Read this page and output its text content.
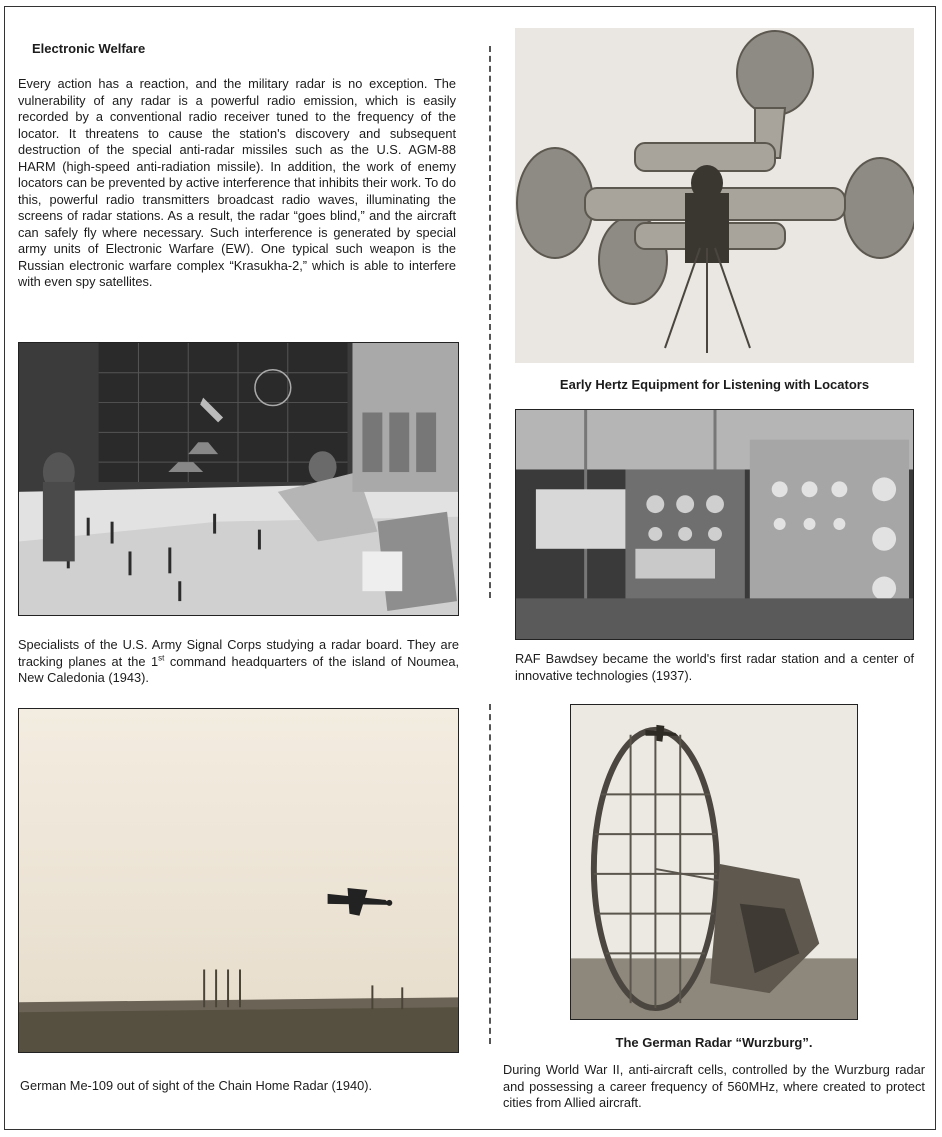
Electronic Welfare

Every action has a reaction, and the military radar is no exception. The vulnerability of any radar is a powerful radio emission, which is easily recorded by a conventional radio receiver tuned to the frequency of the locator. It threatens to cause the station's discovery and subsequent destruction of the special anti-radar missiles such as the U.S. AGM-88 HARM (high-speed anti-radiation missile). In addition, the work of enemy locators can be prevented by active interference that inhibits their work. To do this, powerful radio transmitters broadcast radio waves, illuminating the screens of radar stations. As a result, the radar “goes blind,” and the aircraft can safely fly where necessary. Such interference is generated by special army units of Electronic Warfare (EW). One typical such weapon is the Russian electronic warfare complex “Krasukha-2,” which is able to interfere with even spy satellites.

Specialists of the U.S. Army Signal Corps studying a radar board. They are tracking planes at the 1st command headquarters of the island of Noumea, New Caledonia (1943).

German Me-109 out of sight of the Chain Home Radar (1940).

Early Hertz Equipment for Listening with Locators

RAF Bawdsey became the world's first radar station and a center of innovative technologies (1937).

The German Radar “Wurzburg”.

During World War II, anti-aircraft cells, controlled by the Wurzburg radar and possessing a career frequency of 560MHz, where created to protect cities from Allied aircraft.
